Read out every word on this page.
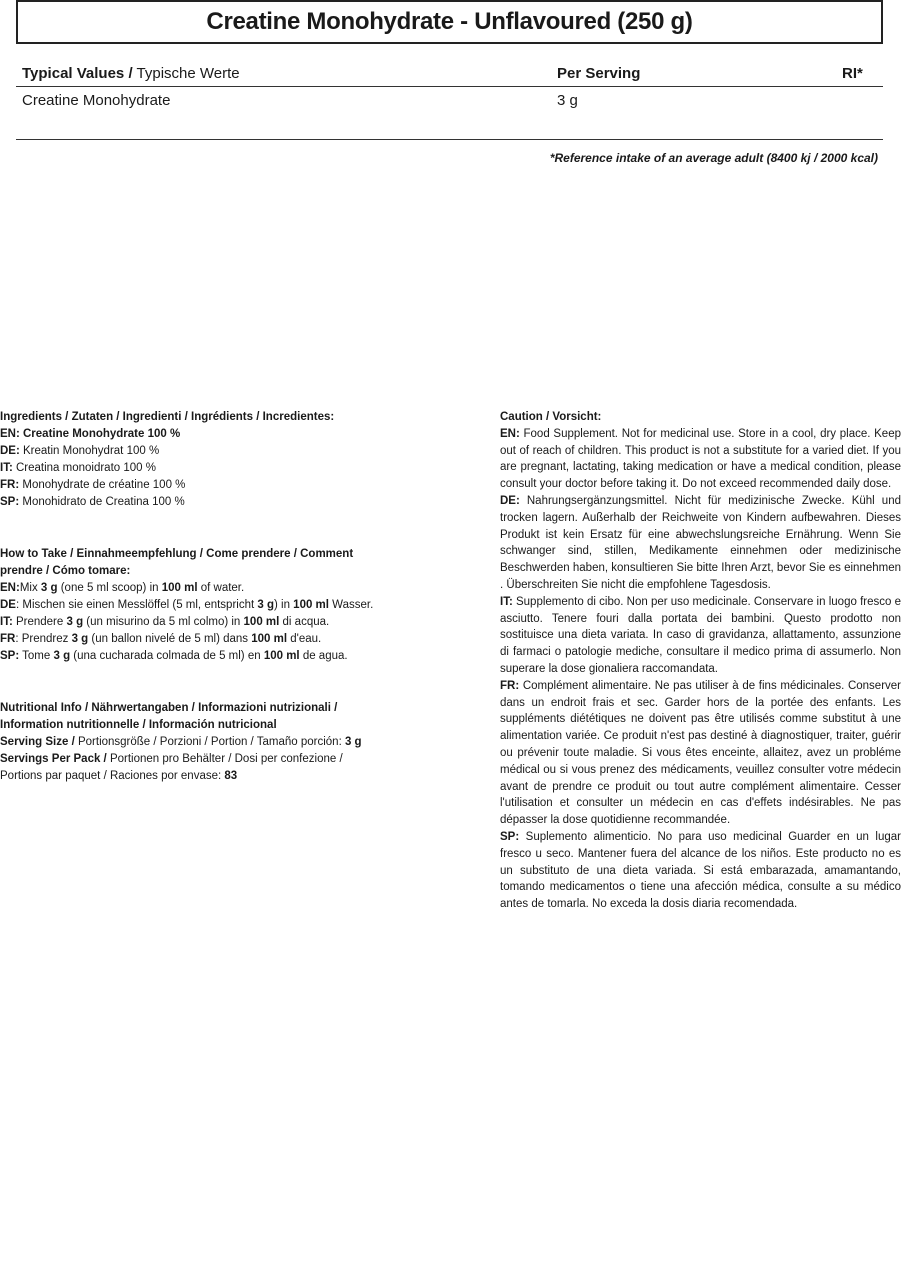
Creatine Monohydrate - Unflavoured (250 g)
Typical Values / Typische Werte	Per Serving	RI*
Creatine Monohydrate	3 g
*Reference intake of an average adult (8400 kj / 2000 kcal)
Ingredients / Zutaten / Ingredienti / Ingrédients / Incredientes:
EN: Creatine Monohydrate 100 %
DE: Kreatin Monohydrat 100 %
IT: Creatina monoidrato 100 %
FR: Monohydrate de créatine 100 %
SP: Monohidrato de Creatina 100 %
How to Take / Einnahmeempfehlung / Come prendere / Comment
prendre / Cómo tomare:
EN:Mix 3 g (one 5 ml scoop) in 100 ml of water.
DE: Mischen sie einen Messlöffel (5 ml, entspricht 3 g) in 100 ml Wasser.
IT: Prendere 3 g (un misurino da 5 ml colmo) in 100 ml di acqua.
FR: Prendrez 3 g (un ballon nivelé de 5 ml) dans 100 ml d'eau.
SP: Tome 3 g (una cucharada colmada de 5 ml) en 100 ml de agua.
Nutritional Info / Nährwertangaben / Informazioni nutrizionali /
Information nutritionnelle / Información nutricional
Serving Size / Portionsgröße / Porzioni / Portion / Tamaño porción: 3 g
Servings Per Pack / Portionen pro Behälter / Dosi per confezione /
Portions par paquet / Raciones por envase: 83
Caution / Vorsicht:

EN: Food Supplement. Not for medicinal use. Store in a cool, dry place. Keep out of reach of children. This product is not a substitute for a varied diet. If you are pregnant, lactating, taking medication or have a medical condition, please consult your doctor before taking it. Do not exceed recommended daily dose.

DE: Nahrungsergänzungsmittel. Nicht für medizinische Zwecke. Kühl und trocken lagern. Außerhalb der Reichweite von Kindern aufbewahren. Dieses Produkt ist kein Ersatz für eine abwechslungsreiche Ernährung. Wenn Sie schwanger sind, stillen, Medikamente einnehmen oder medizinische Beschwerden haben, konsultieren Sie bitte Ihren Arzt, bevor Sie es einnehmen . Überschreiten Sie nicht die empfohlene Tagesdosis.

IT: Supplemento di cibo. Non per uso medicinale. Conservare in luogo fresco e asciutto. Tenere fouri dalla portata dei bambini. Questo prodotto non sostituisce una dieta variata. In caso di gravidanza, allattamento, assunzione di farmaci o patologie mediche, consultare il medico prima di assumerlo. Non superare la dose gionaliera raccomandata.

FR: Complément alimentaire. Ne pas utiliser à de fins médicinales. Conserver dans un endroit frais et sec. Garder hors de la portée des enfants. Les suppléments diététiques ne doivent pas être utilisés comme substitut à une alimentation variée. Ce produit n'est pas destiné à diagnostiquer, traiter, guérir ou prévenir toute maladie. Si vous êtes enceinte, allaitez, avez un probléme médical ou si vous prenez des médicaments, veuillez consulter votre médecin avant de prendre ce produit ou tout autre complément alimentaire. Cesser l'utilisation et consulter un médecin en cas d'effets indésirables. Ne pas dépasser la dose quotidienne recommandée.

SP: Suplemento alimenticio. No para uso medicinal Guarder en un lugar fresco u seco. Mantener fuera del alcance de los niños. Este producto no es un substituto de una dieta variada. Si está embarazada, amamantando, tomando medicamentos o tiene una afección médica, consulte a su médico antes de tomarla. No exceda la dosis diaria recomendada.
